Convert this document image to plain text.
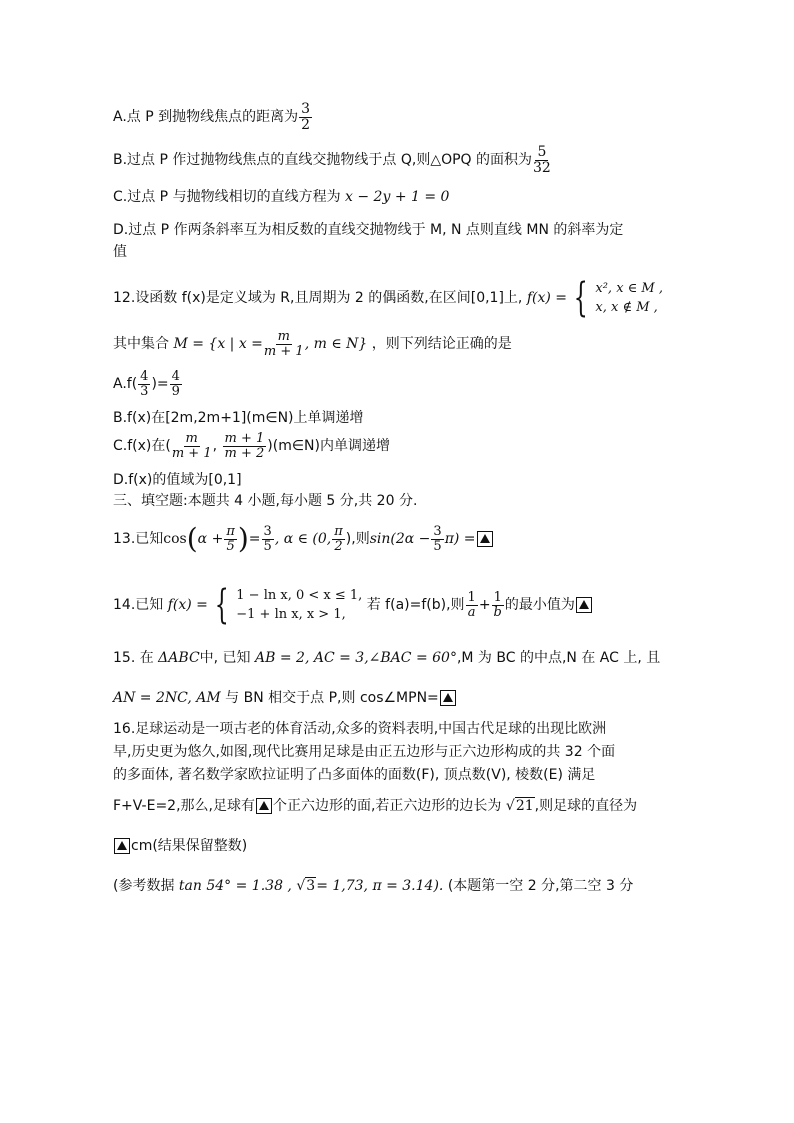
A.点 P 到抛物线焦点的距离为 $\frac{3}{2}$
B.过点 P 作过抛物线焦点的直线交抛物线于点 Q,则△OPQ 的面积为 $\frac{5}{32}$
C.过点 P 与抛物线相切的直线方程为 x − 2y + 1 = 0
D.过点 P 作两条斜率互为相反数的直线交抛物线于 M, N 点则直线 MN 的斜率为定
值
12.设函数 f(x)是定义域为 R,且周期为 2 的偶函数,在区间[0,1]上, f(x) = { x², x ∈ M ,
x, x ∉ M ,
其中集合 M = {x | $x = \frac{m}{m + 1}$ , m ∈ N} ，则下列结论正确的是
$A.f( \frac{4}{3}$ )= $\frac{4}{9}$
B.f(x)在[2m,2m+1](m∈N)上单调递增
C.f(x)在( $\frac{m}{m + 1}$ , $\frac{m + 1}{m + 2}$ )(m∈N)内单调递增
D.f(x)的值域为[0,1]
三、填空题:本题共 4 小题,每小题 5 分,共 20 分.
13.已知$\cos(\alpha + \frac{\pi}{5}$ )= $\frac{3}{5}$ , α ∈ (0, $\frac{\pi}{2}$ ),则$\sin(2\alpha - \frac{3}{5} \pi)$ =
14.已知 f(x) = { 1 − ln x, 0 < x ≤ 1,
−1 + ln x, x > 1,
若 f(a)=f(b),则 $\frac{1}{a} + \frac{1}{b}$ 的最小值为
15. 在 ΔABC中, 已知 AB = 2, AC = 3,∠BAC = 60°,M 为 BC 的中点,N 在 AC 上, 且
AN = 2NC, AM 与 BN 相交于点 P,则 cos∠MPN=
16.足球运动是一项古老的体育活动,众多的资料表明,中国古代足球的出现比欧洲
早,历史更为悠久,如图,现代比赛用足球是由正五边形与正六边形构成的共 32 个面
的多面体, 著名数学家欧拉证明了凸多面体的面数(F), 顶点数(V), 棱数(E) 满足
F+V-E=2,那么,足球有 个正六边形的面,若正六边形的边长为 √21,则足球的直径为
cm(结果保留整数)
(参考数据 tan 54° = 1.38 , √3= 1,73, π = 3.14). (本题第一空 2 分,第二空 3 分
